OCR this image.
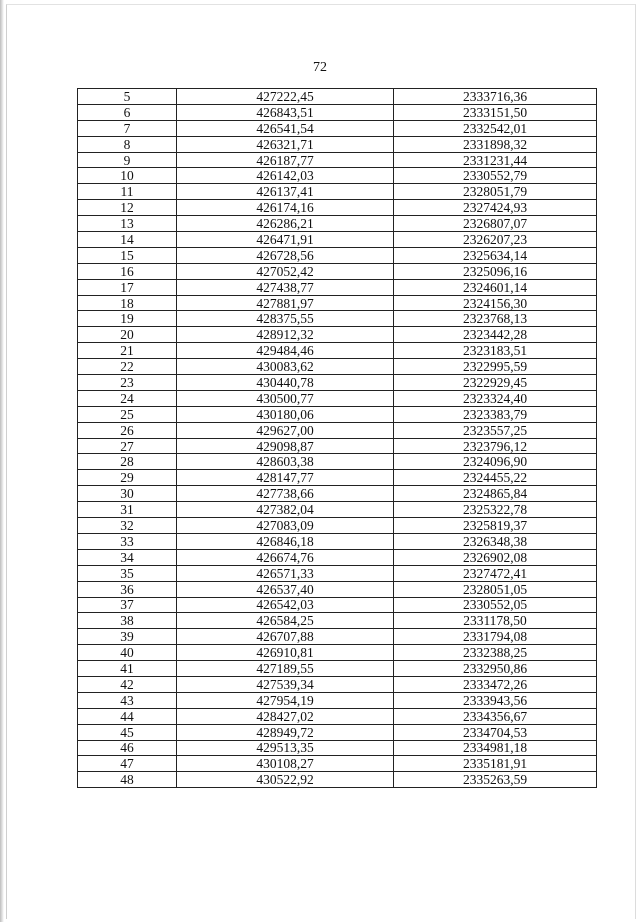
72
5	427222,45	2333716,36
6	426843,51	2333151,50
7	426541,54	2332542,01
8	426321,71	2331898,32
9	426187,77	2331231,44
10	426142,03	2330552,79
11	426137,41	2328051,79
12	426174,16	2327424,93
13	426286,21	2326807,07
14	426471,91	2326207,23
15	426728,56	2325634,14
16	427052,42	2325096,16
17	427438,77	2324601,14
18	427881,97	2324156,30
19	428375,55	2323768,13
20	428912,32	2323442,28
21	429484,46	2323183,51
22	430083,62	2322995,59
23	430440,78	2322929,45
24	430500,77	2323324,40
25	430180,06	2323383,79
26	429627,00	2323557,25
27	429098,87	2323796,12
28	428603,38	2324096,90
29	428147,77	2324455,22
30	427738,66	2324865,84
31	427382,04	2325322,78
32	427083,09	2325819,37
33	426846,18	2326348,38
34	426674,76	2326902,08
35	426571,33	2327472,41
36	426537,40	2328051,05
37	426542,03	2330552,05
38	426584,25	2331178,50
39	426707,88	2331794,08
40	426910,81	2332388,25
41	427189,55	2332950,86
42	427539,34	2333472,26
43	427954,19	2333943,56
44	428427,02	2334356,67
45	428949,72	2334704,53
46	429513,35	2334981,18
47	430108,27	2335181,91
48	430522,92	2335263,59
